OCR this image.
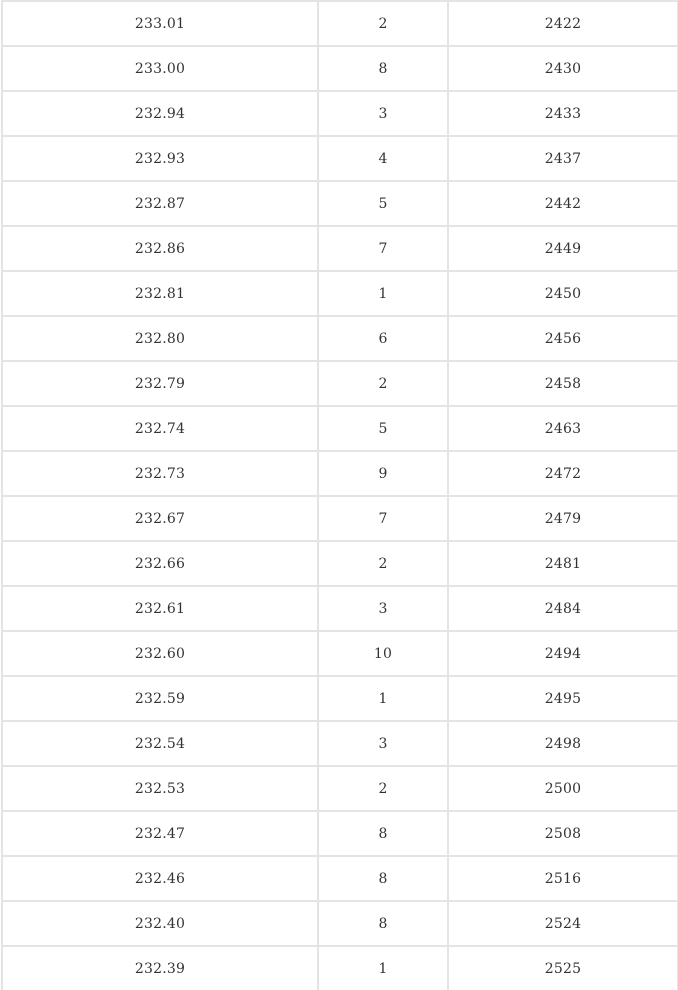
233.01	2	2422
233.00	8	2430
232.94	3	2433
232.93	4	2437
232.87	5	2442
232.86	7	2449
232.81	1	2450
232.80	6	2456
232.79	2	2458
232.74	5	2463
232.73	9	2472
232.67	7	2479
232.66	2	2481
232.61	3	2484
232.60	10	2494
232.59	1	2495
232.54	3	2498
232.53	2	2500
232.47	8	2508
232.46	8	2516
232.40	8	2524
232.39	1	2525
